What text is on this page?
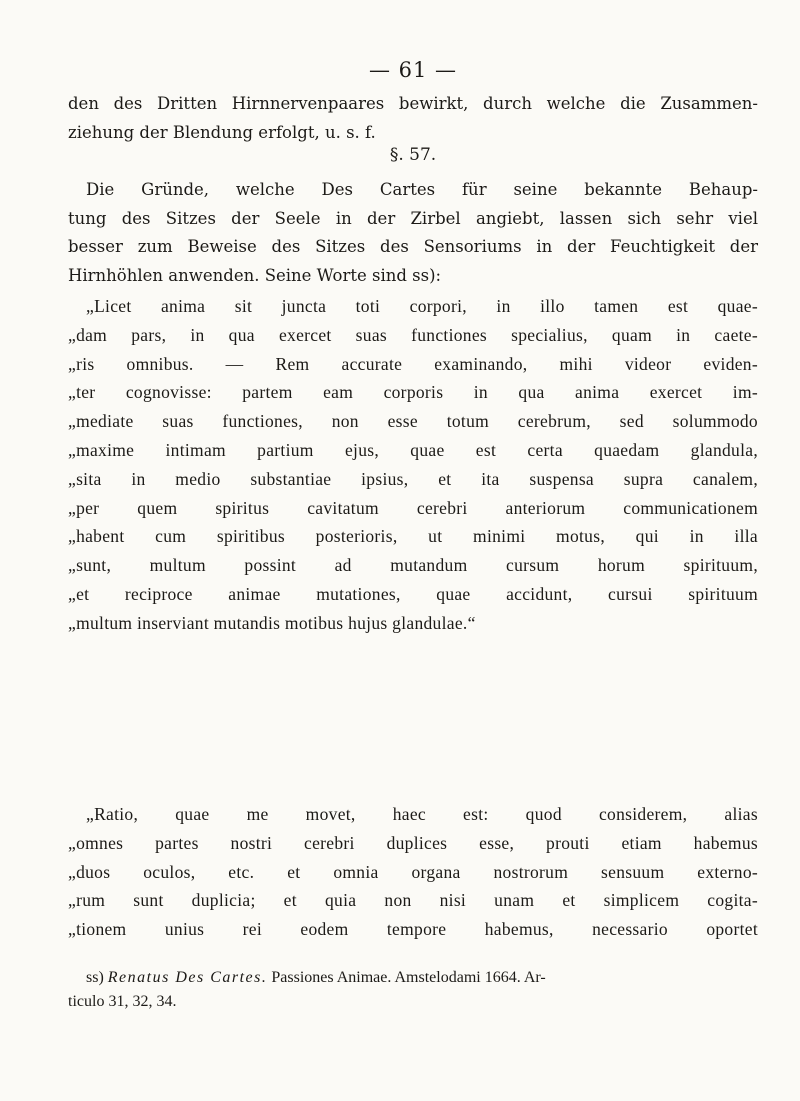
— 61 —
den des Dritten Hirnnervenpaares bewirkt, durch welche die Zusammen-
ziehung der Blendung erfolgt, u. s. f.
§. 57.
Die Gründe, welche Des Cartes für seine bekannte Behaup-
tung des Sitzes der Seele in der Zirbel angiebt, lassen sich sehr viel
besser zum Beweise des Sitzes des Sensoriums in der Feuchtigkeit der
Hirnhöhlen anwenden. Seine Worte sind ss):
„Licet anima sit juncta toti corpori, in illo tamen est quae-
„dam pars, in qua exercet suas functiones specialius, quam in caete-
„ris omnibus. — Rem accurate examinando, mihi videor eviden-
„ter cognovisse: partem eam corporis in qua anima exercet im-
„mediate suas functiones, non esse totum cerebrum, sed solummodo
„maxime intimam partium ejus, quae est certa quaedam glandula,
„sita in medio substantiae ipsius, et ita suspensa supra canalem,
„per quem spiritus cavitatum cerebri anteriorum communicationem
„habent cum spiritibus posterioris, ut minimi motus, qui in illa
„sunt, multum possint ad mutandum cursum horum spirituum,
„et reciproce animae mutationes, quae accidunt, cursui spirituum
„multum inserviant mutandis motibus hujus glandulae.“
„Ratio, quae me movet, haec est: quod considerem, alias
„omnes partes nostri cerebri duplices esse, prouti etiam habemus
„duos oculos, etc. et omnia organa nostrorum sensuum externo-
„rum sunt duplicia; et quia non nisi unam et simplicem cogita-
„tionem unius rei eodem tempore habemus, necessario oportet
ss) Renatus Des Cartes. Passiones Animae. Amstelodami 1664. Ar-
ticulo 31, 32, 34.
